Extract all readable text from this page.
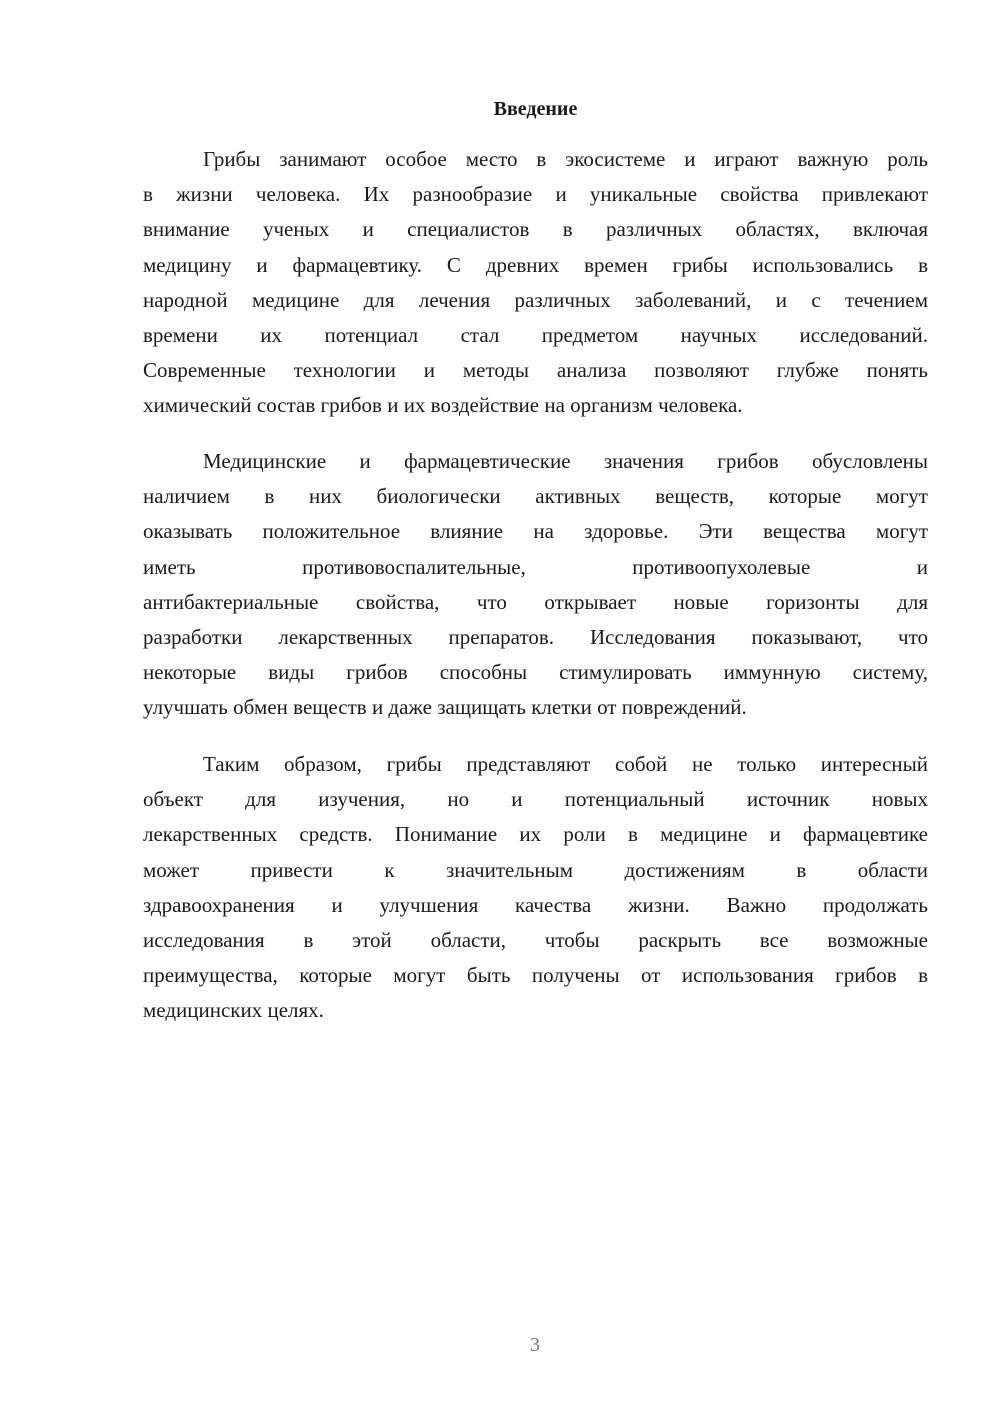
Введение
Грибы занимают особое место в экосистеме и играют важную роль
в жизни человека. Их разнообразие и уникальные свойства привлекают
внимание ученых и специалистов в различных областях, включая
медицину и фармацевтику. С древних времен грибы использовались в
народной медицине для лечения различных заболеваний, и с течением
времени их потенциал стал предметом научных исследований.
Современные технологии и методы анализа позволяют глубже понять
химический состав грибов и их воздействие на организм человека.
Медицинские и фармацевтические значения грибов обусловлены
наличием в них биологически активных веществ, которые могут
оказывать положительное влияние на здоровье. Эти вещества могут
иметь противовоспалительные, противоопухолевые и
антибактериальные свойства, что открывает новые горизонты для
разработки лекарственных препаратов. Исследования показывают, что
некоторые виды грибов способны стимулировать иммунную систему,
улучшать обмен веществ и даже защищать клетки от повреждений.
Таким образом, грибы представляют собой не только интересный
объект для изучения, но и потенциальный источник новых
лекарственных средств. Понимание их роли в медицине и фармацевтике
может привести к значительным достижениям в области
здравоохранения и улучшения качества жизни. Важно продолжать
исследования в этой области, чтобы раскрыть все возможные
преимущества, которые могут быть получены от использования грибов в
медицинских целях.
3
